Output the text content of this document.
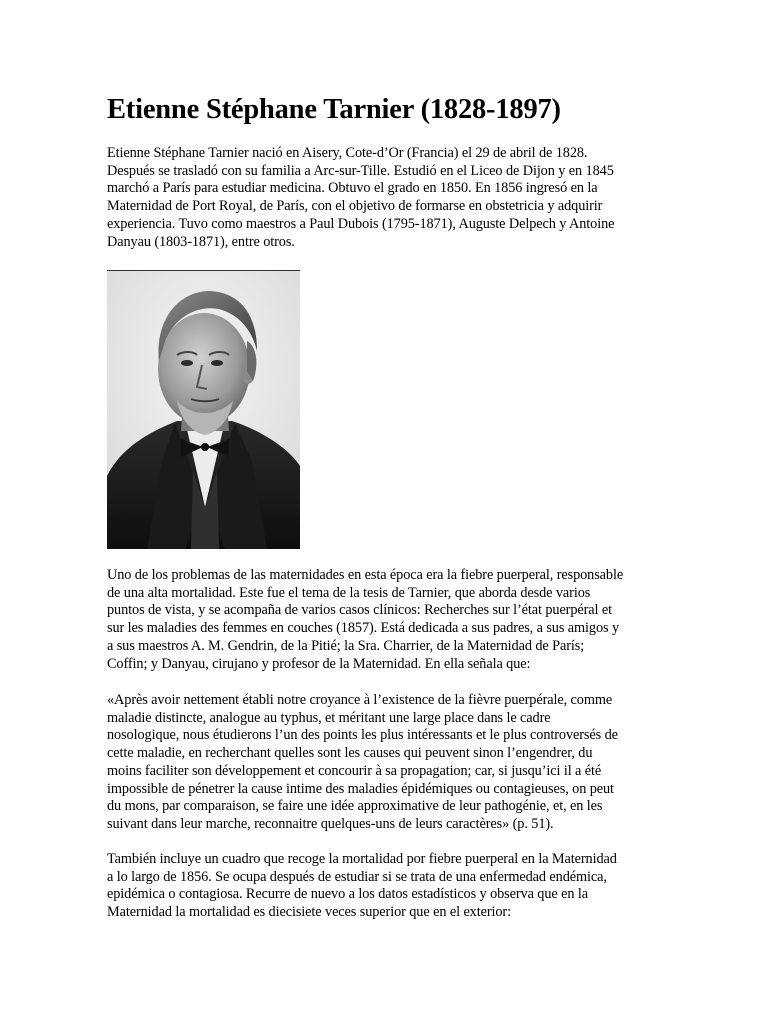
Etienne Stéphane Tarnier (1828-1897)

Etienne Stéphane Tarnier nació en Aisery, Cote-d’Or (Francia) el 29 de abril de 1828.
Después se trasladó con su familia a Arc-sur-Tille. Estudió en el Liceo de Dijon y en 1845
marchó a París para estudiar medicina. Obtuvo el grado en 1850. En 1856 ingresó en la
Maternidad de Port Royal, de París, con el objetivo de formarse en obstetricia y adquirir
experiencia. Tuvo como maestros a Paul Dubois (1795-1871), Auguste Delpech y Antoine
Danyau (1803-1871), entre otros.

Uno de los problemas de las maternidades en esta época era la fiebre puerperal, responsable
de una alta mortalidad. Este fue el tema de la tesis de Tarnier, que aborda desde varios
puntos de vista, y se acompaña de varios casos clínicos: Recherches sur l’état puerpéral et
sur les maladies des femmes en couches (1857). Está dedicada a sus padres, a sus amigos y
a sus maestros A. M. Gendrin, de la Pitié; la Sra. Charrier, de la Maternidad de París;
Coffin; y Danyau, cirujano y profesor de la Maternidad. En ella señala que:

«Après avoir nettement établi notre croyance à l’existence de la fièvre puerpérale, comme
maladie distincte, analogue au typhus, et méritant une large place dans le cadre
nosologique, nous étudierons l’un des points les plus intéressants et le plus controversés de
cette maladie, en recherchant quelles sont les causes qui peuvent sinon l’engendrer, du
moins faciliter son développement et concourir à sa propagation; car, si jusqu’ici il a été
impossible de pénetrer la cause intime des maladies épidémiques ou contagieuses, on peut
du mons, par comparaison, se faire une idée approximative de leur pathogénie, et, en les
suivant dans leur marche, reconnaitre quelques-uns de leurs caractères» (p. 51).

También incluye un cuadro que recoge la mortalidad por fiebre puerperal en la Maternidad
a lo largo de 1856. Se ocupa después de estudiar si se trata de una enfermedad endémica,
epidémica o contagiosa. Recurre de nuevo a los datos estadísticos y observa que en la
Maternidad la mortalidad es diecisiete veces superior que en el exterior:
